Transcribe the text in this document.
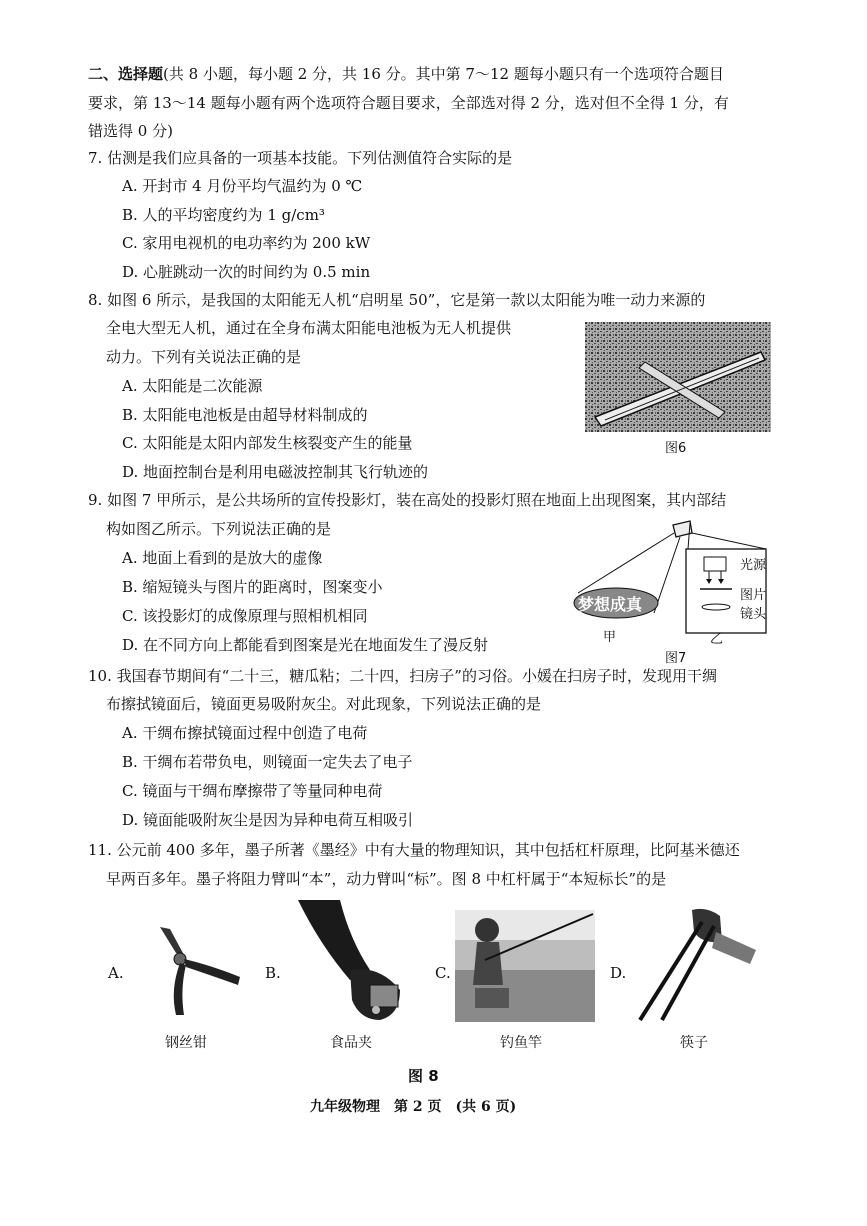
二、选择题(共 8 小题，每小题 2 分，共 16 分。其中第 7～12 题每小题只有一个选项符合题目
要求，第 13～14 题每小题有两个选项符合题目要求，全部选对得 2 分，选对但不全得 1 分，有
错选得 0 分)
7. 估测是我们应具备的一项基本技能。下列估测值符合实际的是
A. 开封市 4 月份平均气温约为 0 ℃
B. 人的平均密度约为 1 g/cm³
C. 家用电视机的电功率约为 200 kW
D. 心脏跳动一次的时间约为 0.5 min
8. 如图 6 所示，是我国的太阳能无人机“启明星 50”，它是第一款以太阳能为唯一动力来源的
全电大型无人机，通过在全身布满太阳能电池板为无人机提供
动力。下列有关说法正确的是
A. 太阳能是二次能源
B. 太阳能电池板是由超导材料制成的
C. 太阳能是太阳内部发生核裂变产生的能量
D. 地面控制台是利用电磁波控制其飞行轨迹的
图6
9. 如图 7 甲所示，是公共场所的宣传投影灯，装在高处的投影灯照在地面上出现图案，其内部结
构如图乙所示。下列说法正确的是
A. 地面上看到的是放大的虚像
B. 缩短镜头与图片的距离时，图案变小
C. 该投影灯的成像原理与照相机相同
D. 在不同方向上都能看到图案是光在地面发生了漫反射
梦想成真
光源
图片
镜头
甲	乙
图7
10. 我国春节期间有“二十三，糖瓜粘；二十四，扫房子”的习俗。小媛在扫房子时，发现用干绸
布擦拭镜面后，镜面更易吸附灰尘。对此现象，下列说法正确的是
A. 干绸布擦拭镜面过程中创造了电荷
B. 干绸布若带负电，则镜面一定失去了电子
C. 镜面与干绸布摩擦带了等量同种电荷
D. 镜面能吸附灰尘是因为异种电荷互相吸引
11. 公元前 400 多年，墨子所著《墨经》中有大量的物理知识，其中包括杠杆原理，比阿基米德还
早两百多年。墨子将阻力臂叫“本”，动力臂叫“标”。图 8 中杠杆属于“本短标长”的是
A.
钢丝钳
B.
食品夹
C.
钓鱼竿
D.
筷子
图 8
九年级物理　第 2 页　(共 6 页)
